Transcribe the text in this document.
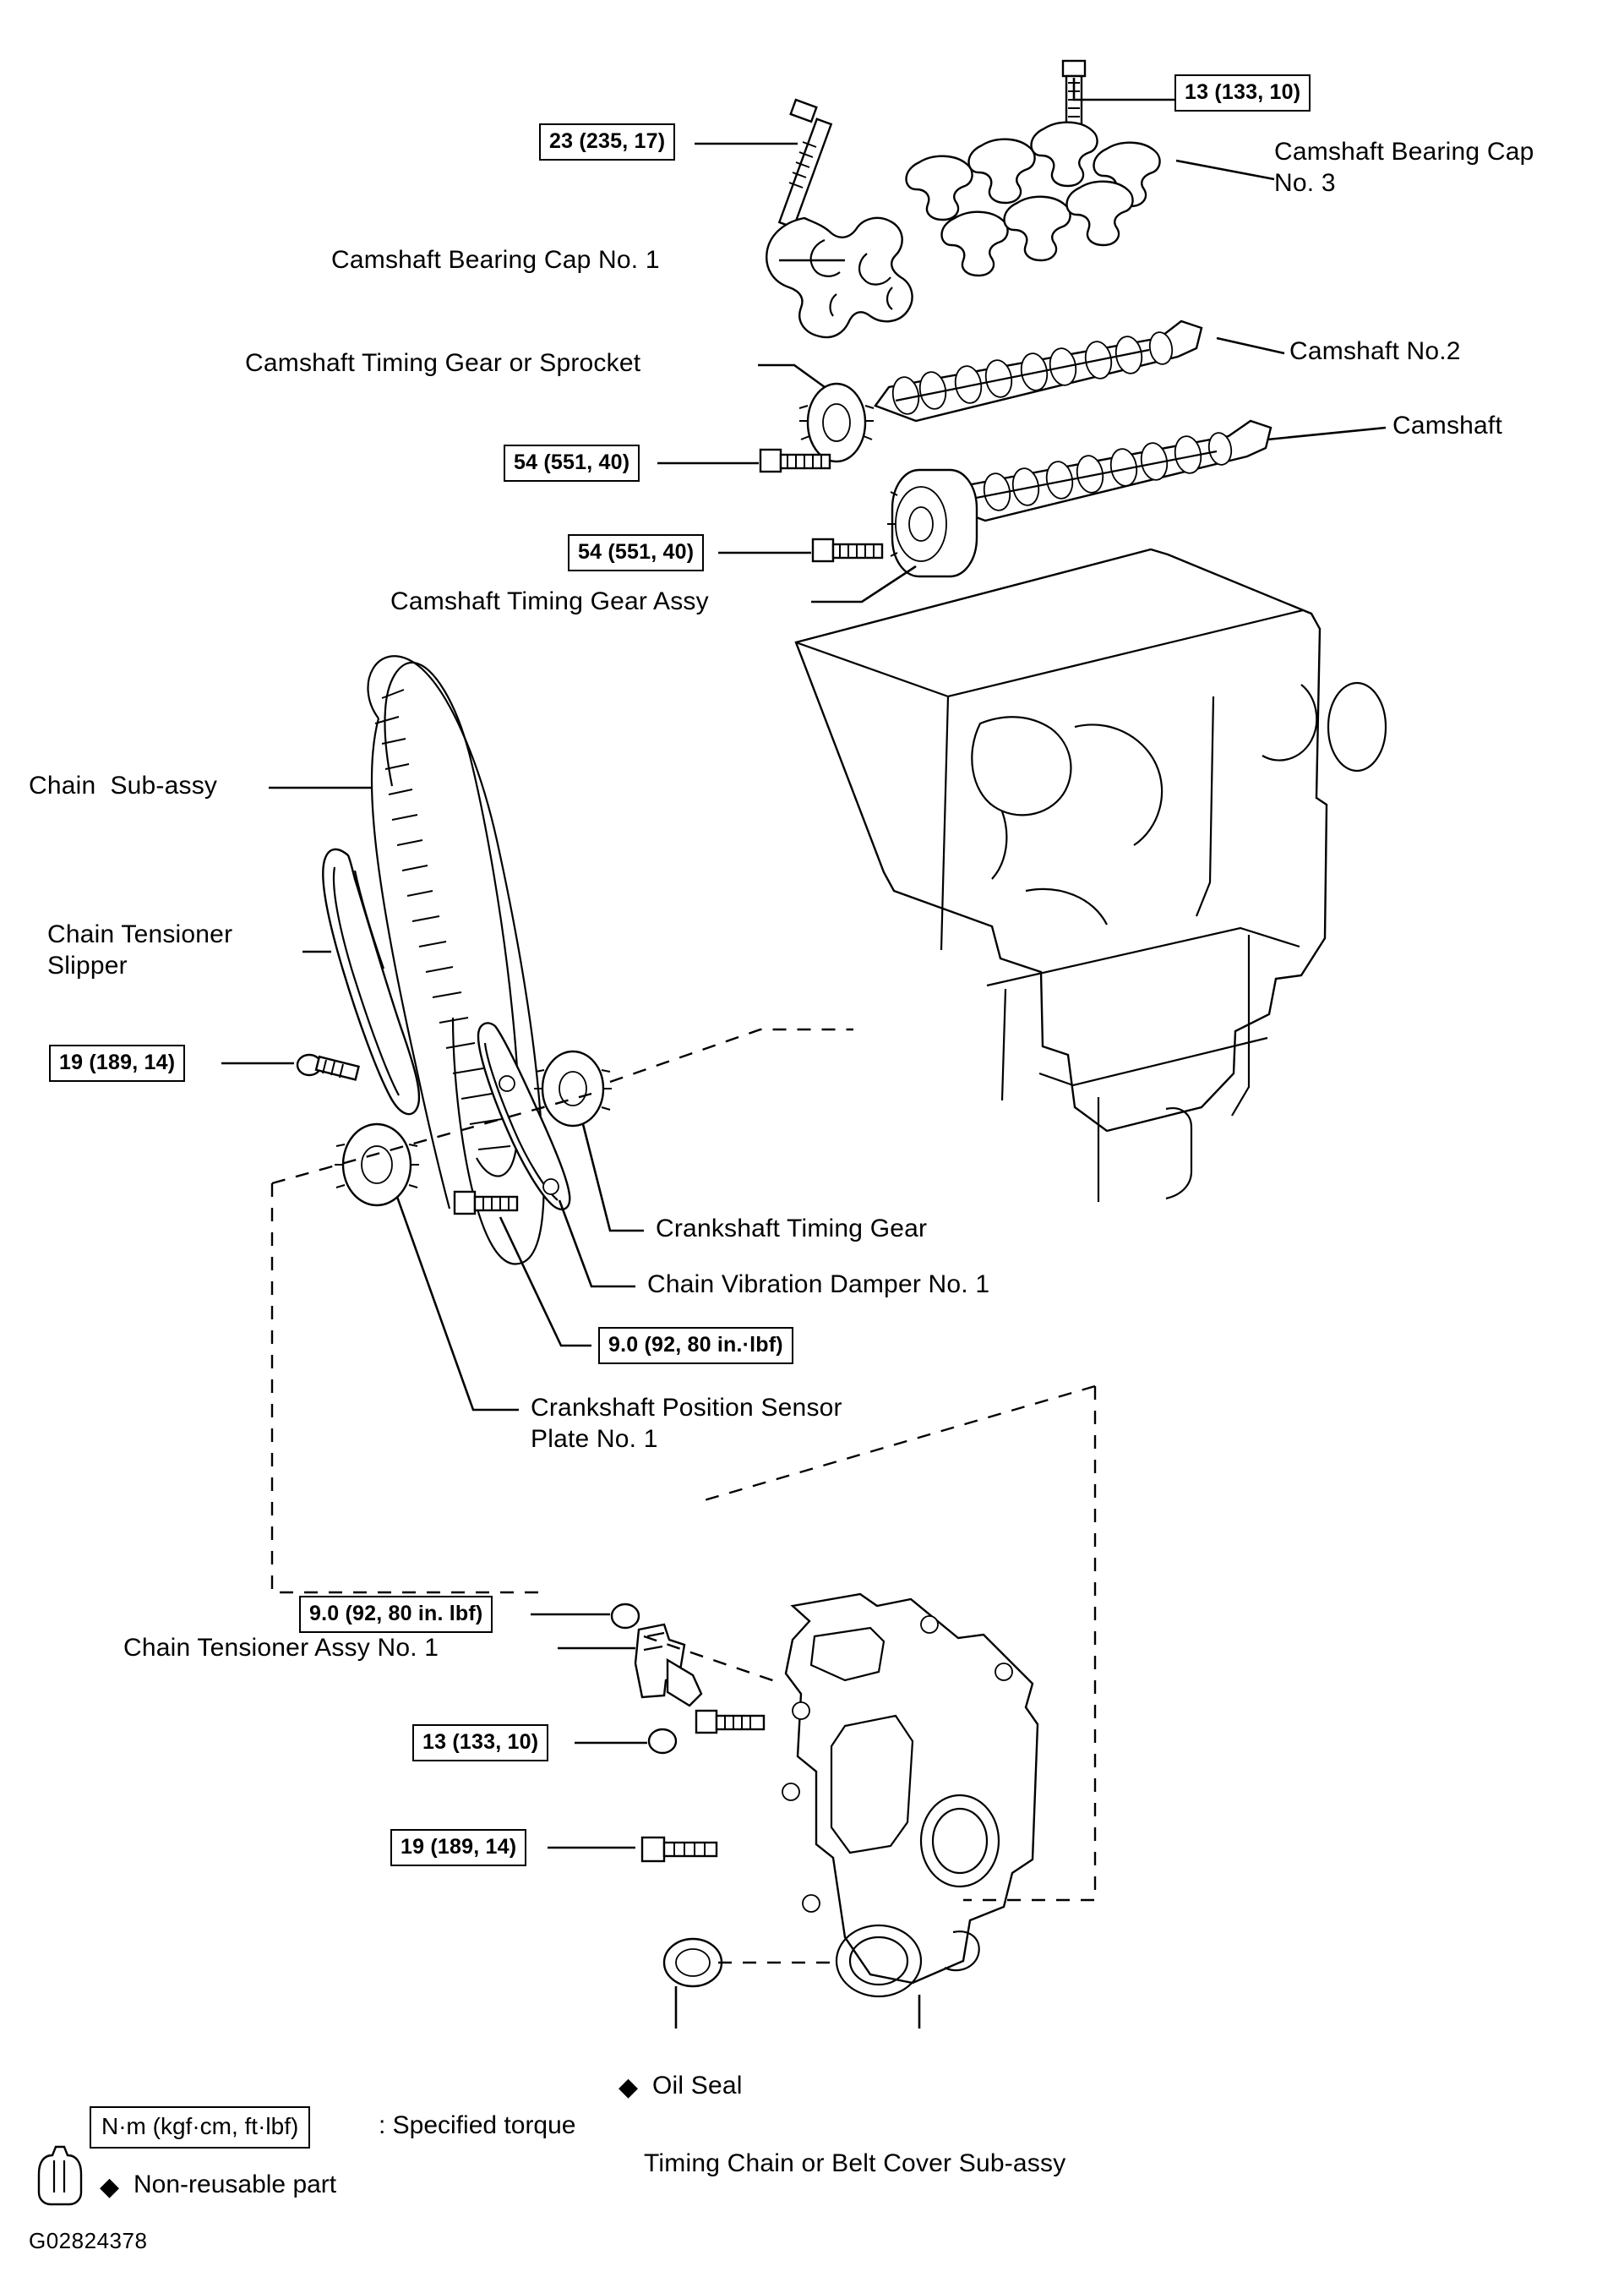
13 (133, 10)
23 (235, 17)	Camshaft Bearing Cap
No. 3
Camshaft Bearing Cap No. 1
Camshaft Timing Gear or Sprocket	Camshaft No.2
Camshaft
54 (551, 40)
54 (551, 40)
Camshaft Timing Gear Assy
Chain  Sub-assy
Chain Tensioner
Slipper
19 (189, 14)
Crankshaft Timing Gear
Chain Vibration Damper No. 1
9.0 (92, 80 in.·lbf)
Crankshaft Position Sensor
Plate No. 1
9.0 (92, 80 in. lbf)
Chain Tensioner Assy No. 1
13 (133, 10)
19 (189, 14)
◆ Oil Seal
Timing Chain or Belt Cover Sub-assy
N·m (kgf·cm, ft·lbf)	: Specified torque
◆ Non-reusable part
G02824378
